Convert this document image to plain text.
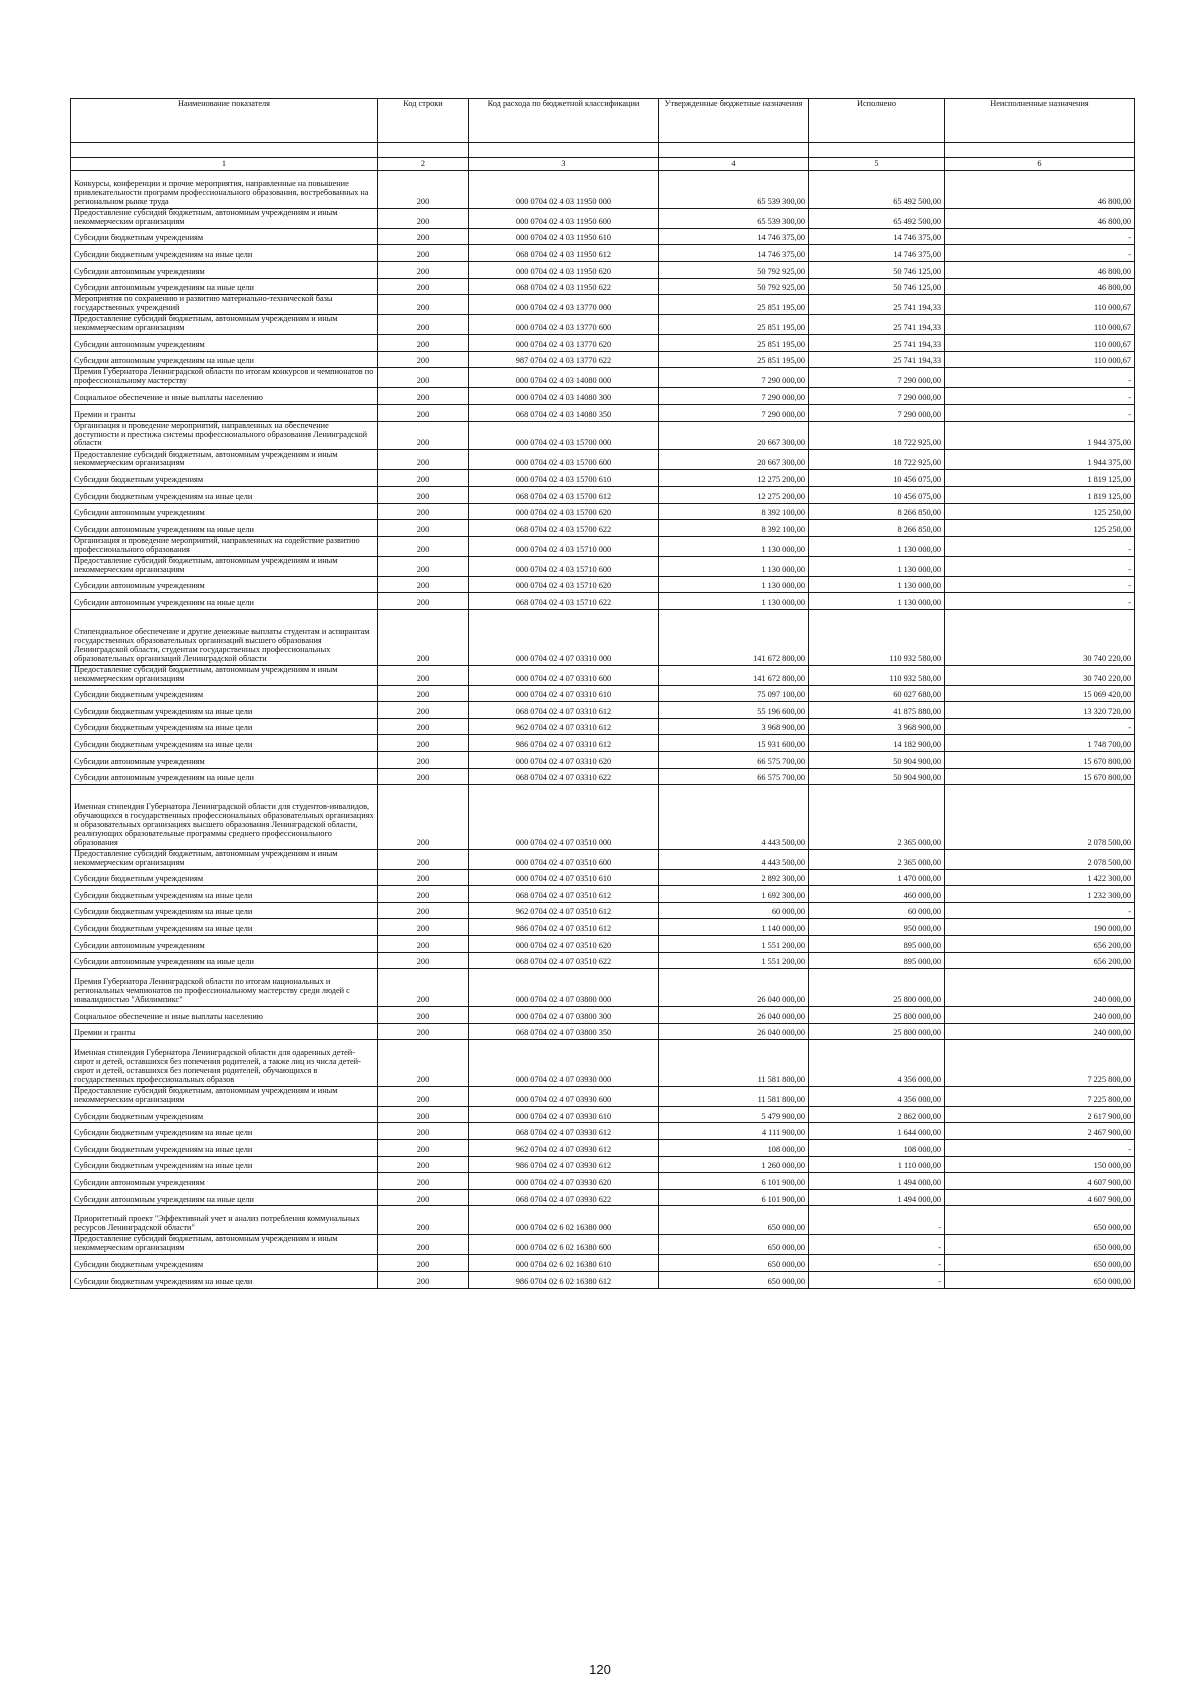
Наименование показателя	Код строки	Код расхода по бюджетной классификации	Утвержденные бюджетные назначения	Исполнено	Неисполненные назначения

1	2	3	4	5	6
Конкурсы, конференции и прочие мероприятия, направленные на повышение привлекательности программ профессионального образования, востребованных на региональном рынке труда	200	000 0704 02 4 03 11950 000	65 539 300,00	65 492 500,00	46 800,00
Предоставление субсидий бюджетным, автономным учреждениям и иным некоммерческим организациям	200	000 0704 02 4 03 11950 600	65 539 300,00	65 492 500,00	46 800,00
Субсидии бюджетным учреждениям	200	000 0704 02 4 03 11950 610	14 746 375,00	14 746 375,00	-
Субсидии бюджетным учреждениям на иные цели	200	068 0704 02 4 03 11950 612	14 746 375,00	14 746 375,00	-
Субсидии автономным учреждениям	200	000 0704 02 4 03 11950 620	50 792 925,00	50 746 125,00	46 800,00
Субсидии автономным учреждениям на иные цели	200	068 0704 02 4 03 11950 622	50 792 925,00	50 746 125,00	46 800,00
Мероприятия по сохранению и развитию материально-технической базы государственных учреждений	200	000 0704 02 4 03 13770 000	25 851 195,00	25 741 194,33	110 000,67
Предоставление субсидий бюджетным, автономным учреждениям и иным некоммерческим организациям	200	000 0704 02 4 03 13770 600	25 851 195,00	25 741 194,33	110 000,67
Субсидии автономным учреждениям	200	000 0704 02 4 03 13770 620	25 851 195,00	25 741 194,33	110 000,67
Субсидии автономным учреждениям на иные цели	200	987 0704 02 4 03 13770 622	25 851 195,00	25 741 194,33	110 000,67
Премия Губернатора Ленинградской области по итогам конкурсов и чемпионатов по профессиональному мастерству	200	000 0704 02 4 03 14080 000	7 290 000,00	7 290 000,00	-
Социальное обеспечение и иные выплаты населению	200	000 0704 02 4 03 14080 300	7 290 000,00	7 290 000,00	-
Премии и гранты	200	068 0704 02 4 03 14080 350	7 290 000,00	7 290 000,00	-
Организация и проведение мероприятий, направленных на обеспечение доступности и престижа системы профессионального образования Ленинградской области	200	000 0704 02 4 03 15700 000	20 667 300,00	18 722 925,00	1 944 375,00
Предоставление субсидий бюджетным, автономным учреждениям и иным некоммерческим организациям	200	000 0704 02 4 03 15700 600	20 667 300,00	18 722 925,00	1 944 375,00
Субсидии бюджетным учреждениям	200	000 0704 02 4 03 15700 610	12 275 200,00	10 456 075,00	1 819 125,00
Субсидии бюджетным учреждениям на иные цели	200	068 0704 02 4 03 15700 612	12 275 200,00	10 456 075,00	1 819 125,00
Субсидии автономным учреждениям	200	000 0704 02 4 03 15700 620	8 392 100,00	8 266 850,00	125 250,00
Субсидии автономным учреждениям на иные цели	200	068 0704 02 4 03 15700 622	8 392 100,00	8 266 850,00	125 250,00
Организация и проведение мероприятий, направленных на содействие развитию профессионального образования	200	000 0704 02 4 03 15710 000	1 130 000,00	1 130 000,00	-
Предоставление субсидий бюджетным, автономным учреждениям и иным некоммерческим организациям	200	000 0704 02 4 03 15710 600	1 130 000,00	1 130 000,00	-
Субсидии автономным учреждениям	200	000 0704 02 4 03 15710 620	1 130 000,00	1 130 000,00	-
Субсидии автономным учреждениям на иные цели	200	068 0704 02 4 03 15710 622	1 130 000,00	1 130 000,00	-
Стипендиальное обеспечение и другие денежные выплаты студентам и аспирантам государственных образовательных организаций высшего образования Ленинградской области, студентам государственных профессиональных образовательных организаций Ленинградской области	200	000 0704 02 4 07 03310 000	141 672 800,00	110 932 580,00	30 740 220,00
Предоставление субсидий бюджетным, автономным учреждениям и иным некоммерческим организациям	200	000 0704 02 4 07 03310 600	141 672 800,00	110 932 580,00	30 740 220,00
Субсидии бюджетным учреждениям	200	000 0704 02 4 07 03310 610	75 097 100,00	60 027 680,00	15 069 420,00
Субсидии бюджетным учреждениям на иные цели	200	068 0704 02 4 07 03310 612	55 196 600,00	41 875 880,00	13 320 720,00
Субсидии бюджетным учреждениям на иные цели	200	962 0704 02 4 07 03310 612	3 968 900,00	3 968 900,00	-
Субсидии бюджетным учреждениям на иные цели	200	986 0704 02 4 07 03310 612	15 931 600,00	14 182 900,00	1 748 700,00
Субсидии автономным учреждениям	200	000 0704 02 4 07 03310 620	66 575 700,00	50 904 900,00	15 670 800,00
Субсидии автономным учреждениям на иные цели	200	068 0704 02 4 07 03310 622	66 575 700,00	50 904 900,00	15 670 800,00
Именная стипендия Губернатора Ленинградской области для студентов-инвалидов, обучающихся в государственных профессиональных образовательных организациях и образовательных организациях высшего образования Ленинградской области, реализующих образовательные программы среднего профессионального образования	200	000 0704 02 4 07 03510 000	4 443 500,00	2 365 000,00	2 078 500,00
Предоставление субсидий бюджетным, автономным учреждениям и иным некоммерческим организациям	200	000 0704 02 4 07 03510 600	4 443 500,00	2 365 000,00	2 078 500,00
Субсидии бюджетным учреждениям	200	000 0704 02 4 07 03510 610	2 892 300,00	1 470 000,00	1 422 300,00
Субсидии бюджетным учреждениям на иные цели	200	068 0704 02 4 07 03510 612	1 692 300,00	460 000,00	1 232 300,00
Субсидии бюджетным учреждениям на иные цели	200	962 0704 02 4 07 03510 612	60 000,00	60 000,00	-
Субсидии бюджетным учреждениям на иные цели	200	986 0704 02 4 07 03510 612	1 140 000,00	950 000,00	190 000,00
Субсидии автономным учреждениям	200	000 0704 02 4 07 03510 620	1 551 200,00	895 000,00	656 200,00
Субсидии автономным учреждениям на иные цели	200	068 0704 02 4 07 03510 622	1 551 200,00	895 000,00	656 200,00
Премия Губернатора Ленинградской области по итогам национальных и региональных чемпионатов по профессиональному мастерству среди людей с инвалидностью "Абилимпикс"	200	000 0704 02 4 07 03800 000	26 040 000,00	25 800 000,00	240 000,00
Социальное обеспечение и иные выплаты населению	200	000 0704 02 4 07 03800 300	26 040 000,00	25 800 000,00	240 000,00
Премии и гранты	200	068 0704 02 4 07 03800 350	26 040 000,00	25 800 000,00	240 000,00
Именная стипендия Губернатора Ленинградской области для одаренных детей-сирот и детей, оставшихся без попечения родителей, а также лиц из числа детей-сирот и детей, оставшихся без попечения родителей, обучающихся в государственных профессиональных образов	200	000 0704 02 4 07 03930 000	11 581 800,00	4 356 000,00	7 225 800,00
Предоставление субсидий бюджетным, автономным учреждениям и иным некоммерческим организациям	200	000 0704 02 4 07 03930 600	11 581 800,00	4 356 000,00	7 225 800,00
Субсидии бюджетным учреждениям	200	000 0704 02 4 07 03930 610	5 479 900,00	2 862 000,00	2 617 900,00
Субсидии бюджетным учреждениям на иные цели	200	068 0704 02 4 07 03930 612	4 111 900,00	1 644 000,00	2 467 900,00
Субсидии бюджетным учреждениям на иные цели	200	962 0704 02 4 07 03930 612	108 000,00	108 000,00	-
Субсидии бюджетным учреждениям на иные цели	200	986 0704 02 4 07 03930 612	1 260 000,00	1 110 000,00	150 000,00
Субсидии автономным учреждениям	200	000 0704 02 4 07 03930 620	6 101 900,00	1 494 000,00	4 607 900,00
Субсидии автономным учреждениям на иные цели	200	068 0704 02 4 07 03930 622	6 101 900,00	1 494 000,00	4 607 900,00
Приоритетный проект "Эффективный учет и анализ потребления коммунальных ресурсов Ленинградской области"	200	000 0704 02 6 02 16380 000	650 000,00	-	650 000,00
Предоставление субсидий бюджетным, автономным учреждениям и иным некоммерческим организациям	200	000 0704 02 6 02 16380 600	650 000,00	-	650 000,00
Субсидии бюджетным учреждениям	200	000 0704 02 6 02 16380 610	650 000,00	-	650 000,00
Субсидии бюджетным учреждениям на иные цели	200	986 0704 02 6 02 16380 612	650 000,00	-	650 000,00
120
